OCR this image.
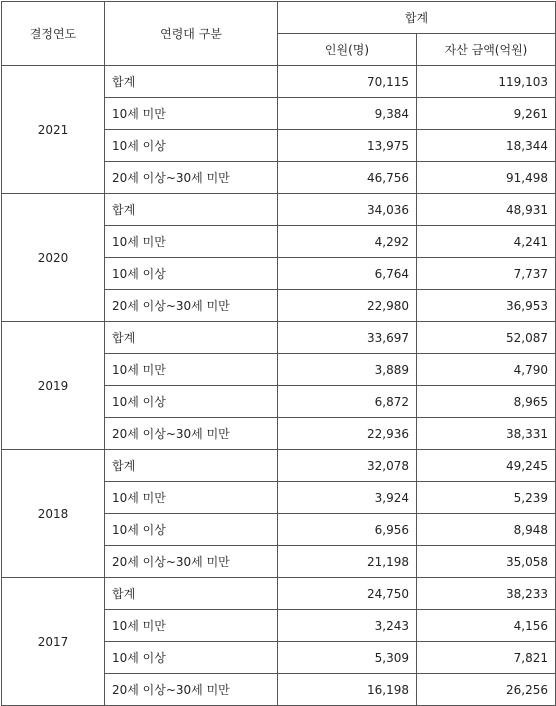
결정연도	연령대 구분	합계	
		인원(명)	자산 금액(억원)
2021	합계	70,115	119,103
	10세 미만	9,384	9,261
	10세 이상	13,975	18,344
	20세 이상~30세 미만	46,756	91,498
2020	합계	34,036	48,931
	10세 미만	4,292	4,241
	10세 이상	6,764	7,737
	20세 이상~30세 미만	22,980	36,953
2019	합계	33,697	52,087
	10세 미만	3,889	4,790
	10세 이상	6,872	8,965
	20세 이상~30세 미만	22,936	38,331
2018	합계	32,078	49,245
	10세 미만	3,924	5,239
	10세 이상	6,956	8,948
	20세 이상~30세 미만	21,198	35,058
2017	합계	24,750	38,233
	10세 미만	3,243	4,156
	10세 이상	5,309	7,821
	20세 이상~30세 미만	16,198	26,256
